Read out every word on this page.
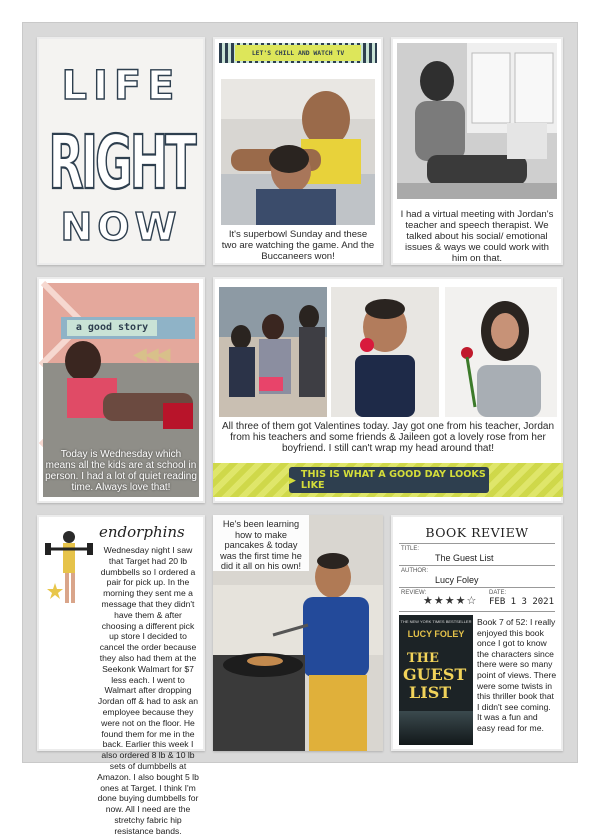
LIFE
RIGHT
NOW
LET'S CHILL AND WATCH TV
It's superbowl Sunday and these two are watching the game. And the Buccaneers won!
I had a virtual meeting with Jordan's teacher and speech therapist. We talked about his social/ emotional issues & ways we could work with him on that.
a good story
◀◀◀
Today is Wednesday which means all the kids are at school in person. I had a lot of quiet reading time. Always love that!
All three of them got Valentines today. Jay got one from his teacher, Jordan from his teachers and some friends & Jaileen got a lovely rose from her boyfriend. I still can't wrap my head around that!
▶ THIS IS WHAT A GOOD DAY LOOKS LIKE
endorphins
Wednesday night I saw that Target had 20 lb dumbbells so I ordered a pair for pick up. In the morning they sent me a message that they didn't have them & after choosing a different pick up store I decided to cancel the order because they also had them at the Seekonk Walmart for $7 less each. I went to Walmart after dropping Jordan off & had to ask an employee because they were not on the floor. He found them for me in the back. Earlier this week I also ordered 8 lb & 10 lb sets of dumbbells at Amazon. I also bought 5 lb ones at Target. I think I'm done buying dumbbells for now. All I need are the stretchy fabric hip resistance bands.
He's been learning how to make pancakes & today was the first time he did it all on his own!
BOOK REVIEW
TITLE:
The Guest List
AUTHOR:
Lucy Foley
REVIEW:
★★★★☆
DATE:
FEB 1 3 2021
THE NEW YORK TIMES BESTSELLER
LUCY FOLEY
THE
GUEST
LIST
Book 7 of 52: I really enjoyed this book once I got to know the characters since there were so many point of views. There were some twists in this thriller book that I didn't see coming. It was a fun and easy read for me.
